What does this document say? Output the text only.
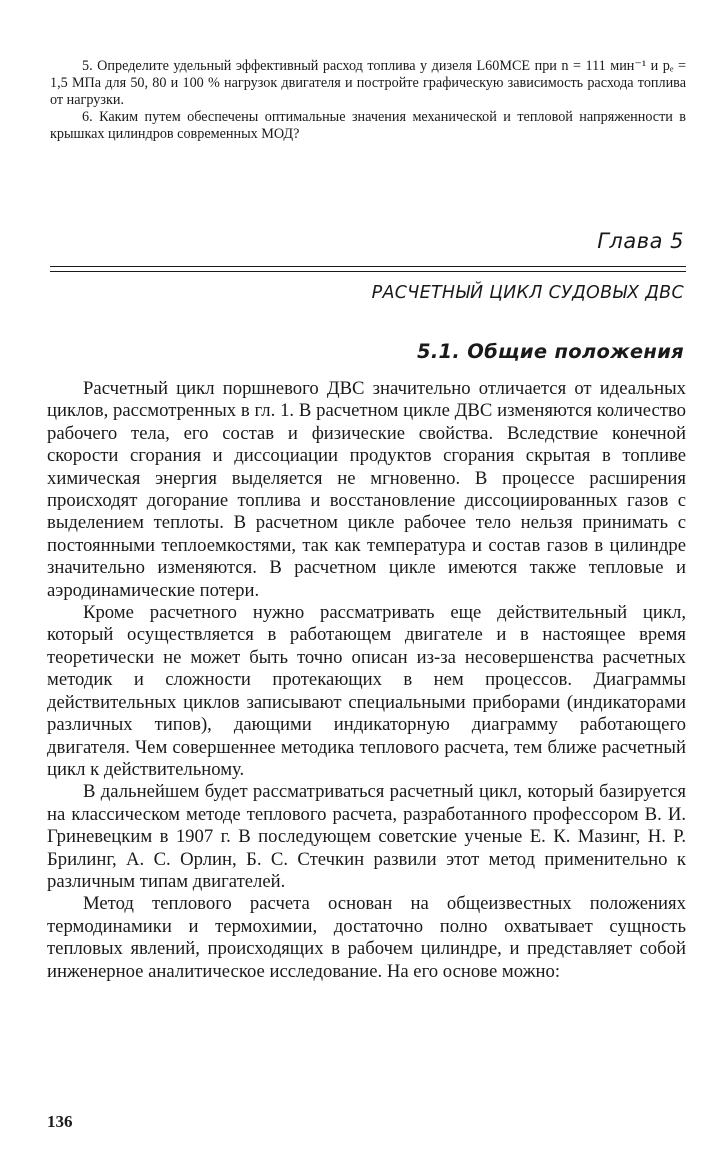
5. Определите удельный эффективный расход топлива у дизеля L60MCE при n = 111 мин⁻¹ и pₑ = 1,5 МПа для 50, 80 и 100 % нагрузок двигателя и постройте графическую зависимость расхода топлива от нагрузки.

6. Каким путем обеспечены оптимальные значения механической и тепловой напряженности в крышках цилиндров современных МОД?

Глава 5
РАСЧЕТНЫЙ ЦИКЛ СУДОВЫХ ДВС
5.1. Общие положения

Расчетный цикл поршневого ДВС значительно отличается от идеальных циклов, рассмотренных в гл. 1. В расчетном цикле ДВС изменяются количество рабочего тела, его состав и физические свойства. Вследствие конечной скорости сгорания и диссоциации продуктов сгорания скрытая в топливе химическая энергия выделяется не мгновенно. В процессе расширения происходят догорание топлива и восстановление диссоциированных газов с выделением теплоты. В расчетном цикле рабочее тело нельзя принимать с постоянными теплоемкостями, так как температура и состав газов в цилиндре значительно изменяются. В расчетном цикле имеются также тепловые и аэродинамические потери.

Кроме расчетного нужно рассматривать еще действительный цикл, который осуществляется в работающем двигателе и в настоящее время теоретически не может быть точно описан из-за несовершенства расчетных методик и сложности протекающих в нем процессов. Диаграммы действительных циклов записывают специальными приборами (индикаторами различных типов), дающими индикаторную диаграмму работающего двигателя. Чем совершеннее методика теплового расчета, тем ближе расчетный цикл к действительному.

В дальнейшем будет рассматриваться расчетный цикл, который базируется на классическом методе теплового расчета, разработанного профессором В. И. Гриневецким в 1907 г. В последующем советские ученые Е. К. Мазинг, Н. Р. Брилинг, А. С. Орлин, Б. С. Стечкин развили этот метод применительно к различным типам двигателей.

Метод теплового расчета основан на общеизвестных положениях термодинамики и термохимии, достаточно полно охватывает сущность тепловых явлений, происходящих в рабочем цилиндре, и представляет собой инженерное аналитическое исследование. На его основе можно:

136
